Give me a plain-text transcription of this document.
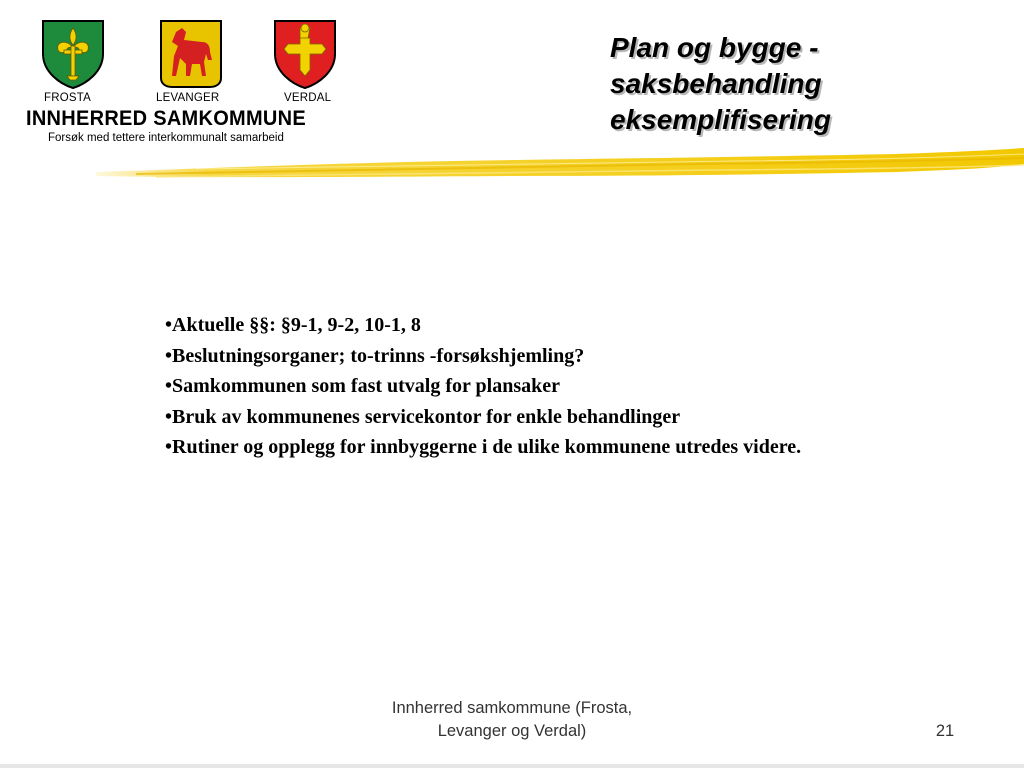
FROSTA	LEVANGER	VERDAL
INNHERRED SAMKOMMUNE
Forsøk med tettere interkommunalt samarbeid
Plan og bygge -
saksbehandling
eksemplifisering
•Aktuelle §§: §9-1, 9-2, 10-1, 8
•Beslutningsorganer; to-trinns -forsøkshjemling?
•Samkommunen som fast utvalg for plansaker
•Bruk av kommunenes servicekontor for enkle behandlinger
•Rutiner og opplegg for innbyggerne i de ulike kommunene utredes videre.
Innherred samkommune (Frosta,
Levanger og Verdal)	21
